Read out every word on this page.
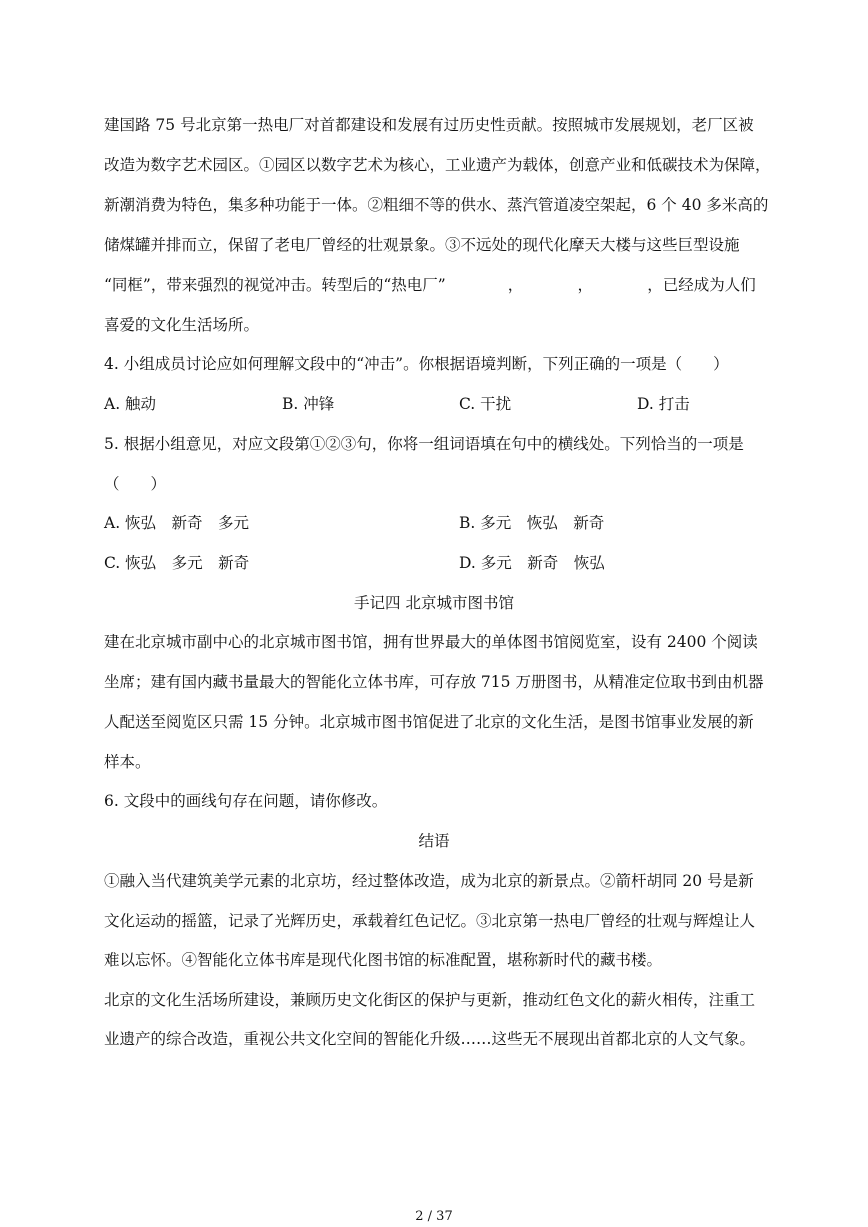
建国路 75 号北京第一热电厂对首都建设和发展有过历史性贡献。按照城市发展规划，老厂区被
改造为数字艺术园区。①园区以数字艺术为核心，工业遗产为载体，创意产业和低碳技术为保障，
新潮消费为特色，集多种功能于一体。②粗细不等的供水、蒸汽管道凌空架起，6 个 40 多米高的
储煤罐并排而立，保留了老电厂曾经的壮观景象。③不远处的现代化摩天大楼与这些巨型设施
“同框”，带来强烈的视觉冲击。转型后的“热电厂”　　　　，　　　　，　　　　，已经成为人们
喜爱的文化生活场所。
4. 小组成员讨论应如何理解文段中的“冲击”。你根据语境判断，下列正确的一项是（　　）
A. 触动	B. 冲锋	C. 干扰	D. 打击
5. 根据小组意见，对应文段第①②③句，你将一组词语填在句中的横线处。下列恰当的一项是
（　　）
A. 恢弘　新奇　多元	B. 多元　恢弘　新奇
C. 恢弘　多元　新奇	D. 多元　新奇　恢弘
手记四 北京城市图书馆
建在北京城市副中心的北京城市图书馆，拥有世界最大的单体图书馆阅览室，设有 2400 个阅读
坐席；建有国内藏书量最大的智能化立体书库，可存放 715 万册图书，从精准定位取书到由机器
人配送至阅览区只需 15 分钟。北京城市图书馆促进了北京的文化生活，是图书馆事业发展的新
样本。
6. 文段中的画线句存在问题，请你修改。
结语
①融入当代建筑美学元素的北京坊，经过整体改造，成为北京的新景点。②箭杆胡同 20 号是新
文化运动的摇篮，记录了光辉历史，承载着红色记忆。③北京第一热电厂曾经的壮观与辉煌让人
难以忘怀。④智能化立体书库是现代化图书馆的标准配置，堪称新时代的藏书楼。
北京的文化生活场所建设，兼顾历史文化街区的保护与更新，推动红色文化的薪火相传，注重工
业遗产的综合改造，重视公共文化空间的智能化升级……这些无不展现出首都北京的人文气象。
2 / 37
